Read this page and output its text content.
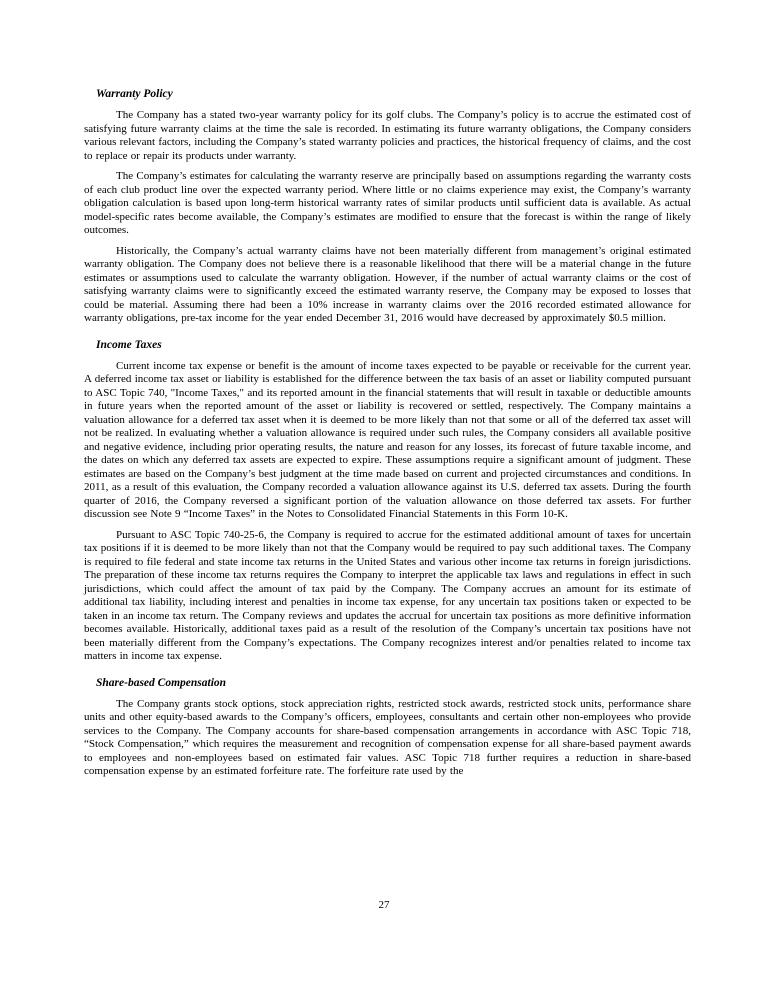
Warranty Policy

The Company has a stated two-year warranty policy for its golf clubs. The Company’s policy is to accrue the estimated cost of satisfying future warranty claims at the time the sale is recorded. In estimating its future warranty obligations, the Company considers various relevant factors, including the Company’s stated warranty policies and practices, the historical frequency of claims, and the cost to replace or repair its products under warranty.

The Company’s estimates for calculating the warranty reserve are principally based on assumptions regarding the warranty costs of each club product line over the expected warranty period. Where little or no claims experience may exist, the Company’s warranty obligation calculation is based upon long-term historical warranty rates of similar products until sufficient data is available. As actual model-specific rates become available, the Company’s estimates are modified to ensure that the forecast is within the range of likely outcomes.

Historically, the Company’s actual warranty claims have not been materially different from management’s original estimated warranty obligation. The Company does not believe there is a reasonable likelihood that there will be a material change in the future estimates or assumptions used to calculate the warranty obligation. However, if the number of actual warranty claims or the cost of satisfying warranty claims were to significantly exceed the estimated warranty reserve, the Company may be exposed to losses that could be material. Assuming there had been a 10% increase in warranty claims over the 2016 recorded estimated allowance for warranty obligations, pre-tax income for the year ended December 31, 2016 would have decreased by approximately $0.5 million.

Income Taxes

Current income tax expense or benefit is the amount of income taxes expected to be payable or receivable for the current year. A deferred income tax asset or liability is established for the difference between the tax basis of an asset or liability computed pursuant to ASC Topic 740, "Income Taxes," and its reported amount in the financial statements that will result in taxable or deductible amounts in future years when the reported amount of the asset or liability is recovered or settled, respectively. The Company maintains a valuation allowance for a deferred tax asset when it is deemed to be more likely than not that some or all of the deferred tax asset will not be realized. In evaluating whether a valuation allowance is required under such rules, the Company considers all available positive and negative evidence, including prior operating results, the nature and reason for any losses, its forecast of future taxable income, and the dates on which any deferred tax assets are expected to expire. These assumptions require a significant amount of judgment. These estimates are based on the Company’s best judgment at the time made based on current and projected circumstances and conditions. In 2011, as a result of this evaluation, the Company recorded a valuation allowance against its U.S. deferred tax assets. During the fourth quarter of 2016, the Company reversed a significant portion of the valuation allowance on those deferred tax assets. For further discussion see Note 9 “Income Taxes” in the Notes to Consolidated Financial Statements in this Form 10-K.

Pursuant to ASC Topic 740-25-6, the Company is required to accrue for the estimated additional amount of taxes for uncertain tax positions if it is deemed to be more likely than not that the Company would be required to pay such additional taxes. The Company is required to file federal and state income tax returns in the United States and various other income tax returns in foreign jurisdictions. The preparation of these income tax returns requires the Company to interpret the applicable tax laws and regulations in effect in such jurisdictions, which could affect the amount of tax paid by the Company. The Company accrues an amount for its estimate of additional tax liability, including interest and penalties in income tax expense, for any uncertain tax positions taken or expected to be taken in an income tax return. The Company reviews and updates the accrual for uncertain tax positions as more definitive information becomes available. Historically, additional taxes paid as a result of the resolution of the Company’s uncertain tax positions have not been materially different from the Company’s expectations. The Company recognizes interest and/or penalties related to income tax matters in income tax expense.

Share-based Compensation

The Company grants stock options, stock appreciation rights, restricted stock awards, restricted stock units, performance share units and other equity-based awards to the Company’s officers, employees, consultants and certain other non-employees who provide services to the Company. The Company accounts for share-based compensation arrangements in accordance with ASC Topic 718, “Stock Compensation,” which requires the measurement and recognition of compensation expense for all share-based payment awards to employees and non-employees based on estimated fair values. ASC Topic 718 further requires a reduction in share-based compensation expense by an estimated forfeiture rate. The forfeiture rate used by the

27
